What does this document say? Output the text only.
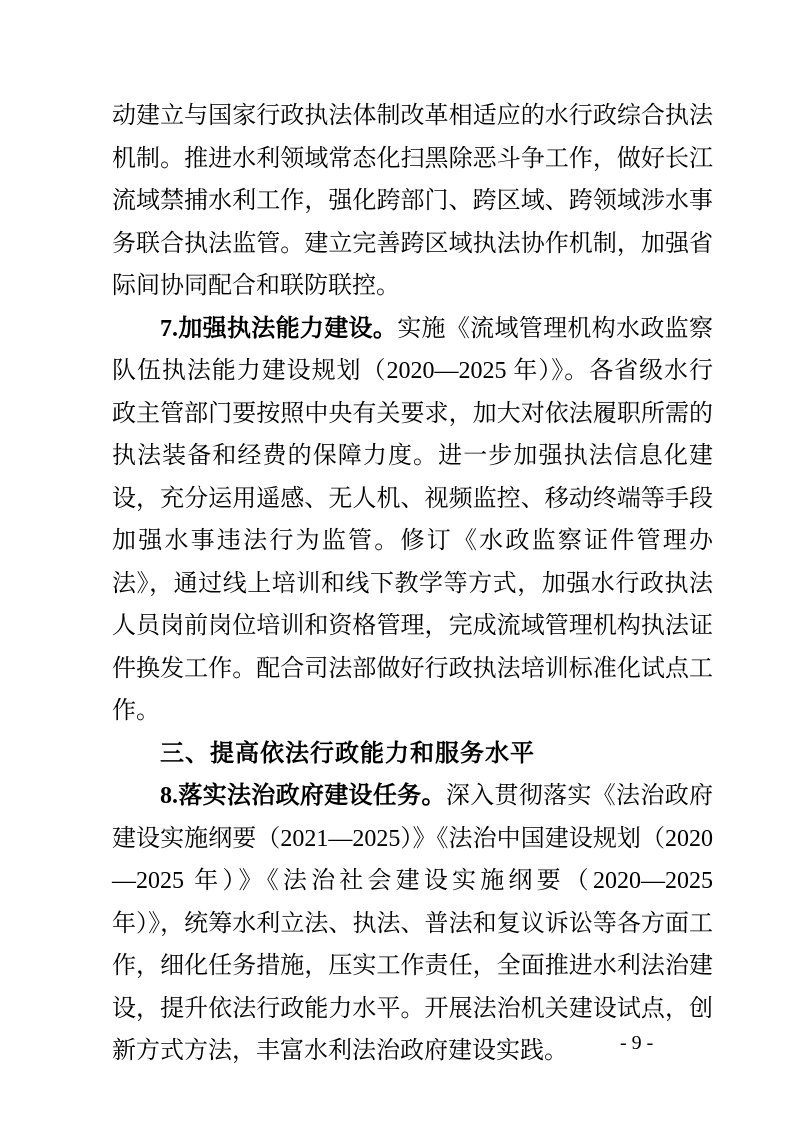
动建立与国家行政执法体制改革相适应的水行政综合执法机制。推进水利领域常态化扫黑除恶斗争工作，做好长江流域禁捕水利工作，强化跨部门、跨区域、跨领域涉水事务联合执法监管。建立完善跨区域执法协作机制，加强省际间协同配合和联防联控。

7.加强执法能力建设。实施《流域管理机构水政监察队伍执法能力建设规划（2020—2025 年）》。各省级水行政主管部门要按照中央有关要求，加大对依法履职所需的执法装备和经费的保障力度。进一步加强执法信息化建设，充分运用遥感、无人机、视频监控、移动终端等手段加强水事违法行为监管。修订《水政监察证件管理办法》，通过线上培训和线下教学等方式，加强水行政执法人员岗前岗位培训和资格管理，完成流域管理机构执法证件换发工作。配合司法部做好行政执法培训标准化试点工作。

三、提高依法行政能力和服务水平

8.落实法治政府建设任务。深入贯彻落实《法治政府建设实施纲要（2021—2025）》《法治中国建设规划（2020—2025 年）》《法治社会建设实施纲要（2020—2025 年）》，统筹水利立法、执法、普法和复议诉讼等各方面工作，细化任务措施，压实工作责任，全面推进水利法治建设，提升依法行政能力水平。开展法治机关建设试点，创新方式方法，丰富水利法治政府建设实践。	- 9 -
